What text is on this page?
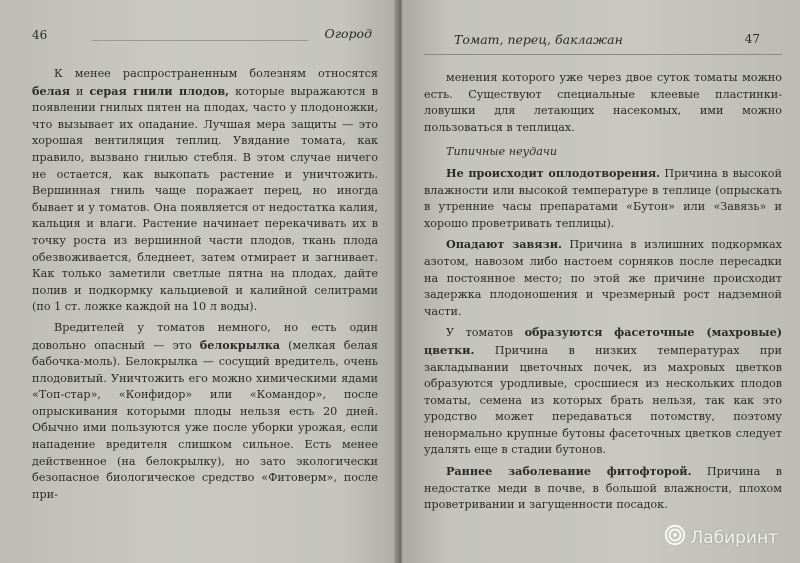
46	Огород

К менее распространенным болезням относятся белая и серая гнили плодов, которые выражаются в появлении гнилых пятен на плодах, часто у плодоножки, что вызывает их опадание. Лучшая мера защиты — это хорошая вентиляция теплиц. Увядание томата, как правило, вызвано гнилью стебля. В этом случае ничего не остается, как выкопать растение и уничтожить. Вершинная гниль чаще поражает перец, но иногда бывает и у томатов. Она появляется от недостатка калия, кальция и влаги. Растение начинает перекачивать их в точку роста из вершинной части плодов, ткань плода обезвоживается, бледнеет, затем отмирает и загнивает. Как только заметили светлые пятна на плодах, дайте полив и подкормку кальциевой и калийной селитрами (по 1 ст. ложке каждой на 10 л воды).

Вредителей у томатов немного, но есть один довольно опасный — это белокрылка (мелкая белая бабочка-моль). Белокрылка — сосущий вредитель, очень плодовитый. Уничтожить его можно химическими ядами «Топ-стар», «Конфидор» или «Командор», после опрыскивания которыми плоды нельзя есть 20 дней. Обычно ими пользуются уже после уборки урожая, если нападение вредителя слишком сильное. Есть менее действенное (на белокрылку), но зато экологически безопасное биологическое средство «Фитоверм», после при-

Томат, перец, баклажан	47

менения которого уже через двое суток томаты можно есть. Существуют специальные клеевые пластинки-ловушки для летающих насекомых, ими можно пользоваться в теплицах.

Типичные неудачи

Не происходит оплодотворения. Причина в высокой влажности или высокой температуре в теплице (опрыскать в утренние часы препаратами «Бутон» или «Завязь» и хорошо проветривать теплицы).

Опадают завязи. Причина в излишних подкормках азотом, навозом либо настоем сорняков после пересадки на постоянное место; по этой же причине происходит задержка плодоношения и чрезмерный рост надземной части.

У томатов образуются фасеточные (махровые) цветки. Причина в низких температурах при закладывании цветочных почек, из махровых цветков образуются уродливые, сросшиеся из нескольких плодов томаты, семена из которых брать нельзя, так как это уродство может передаваться потомству, поэтому ненормально крупные бутоны фасеточных цветков следует удалять еще в стадии бутонов.

Раннее заболевание фитофторой. Причина в недостатке меди в почве, в большой влажности, плохом проветривании и загущенности посадок.

Лабиринт
